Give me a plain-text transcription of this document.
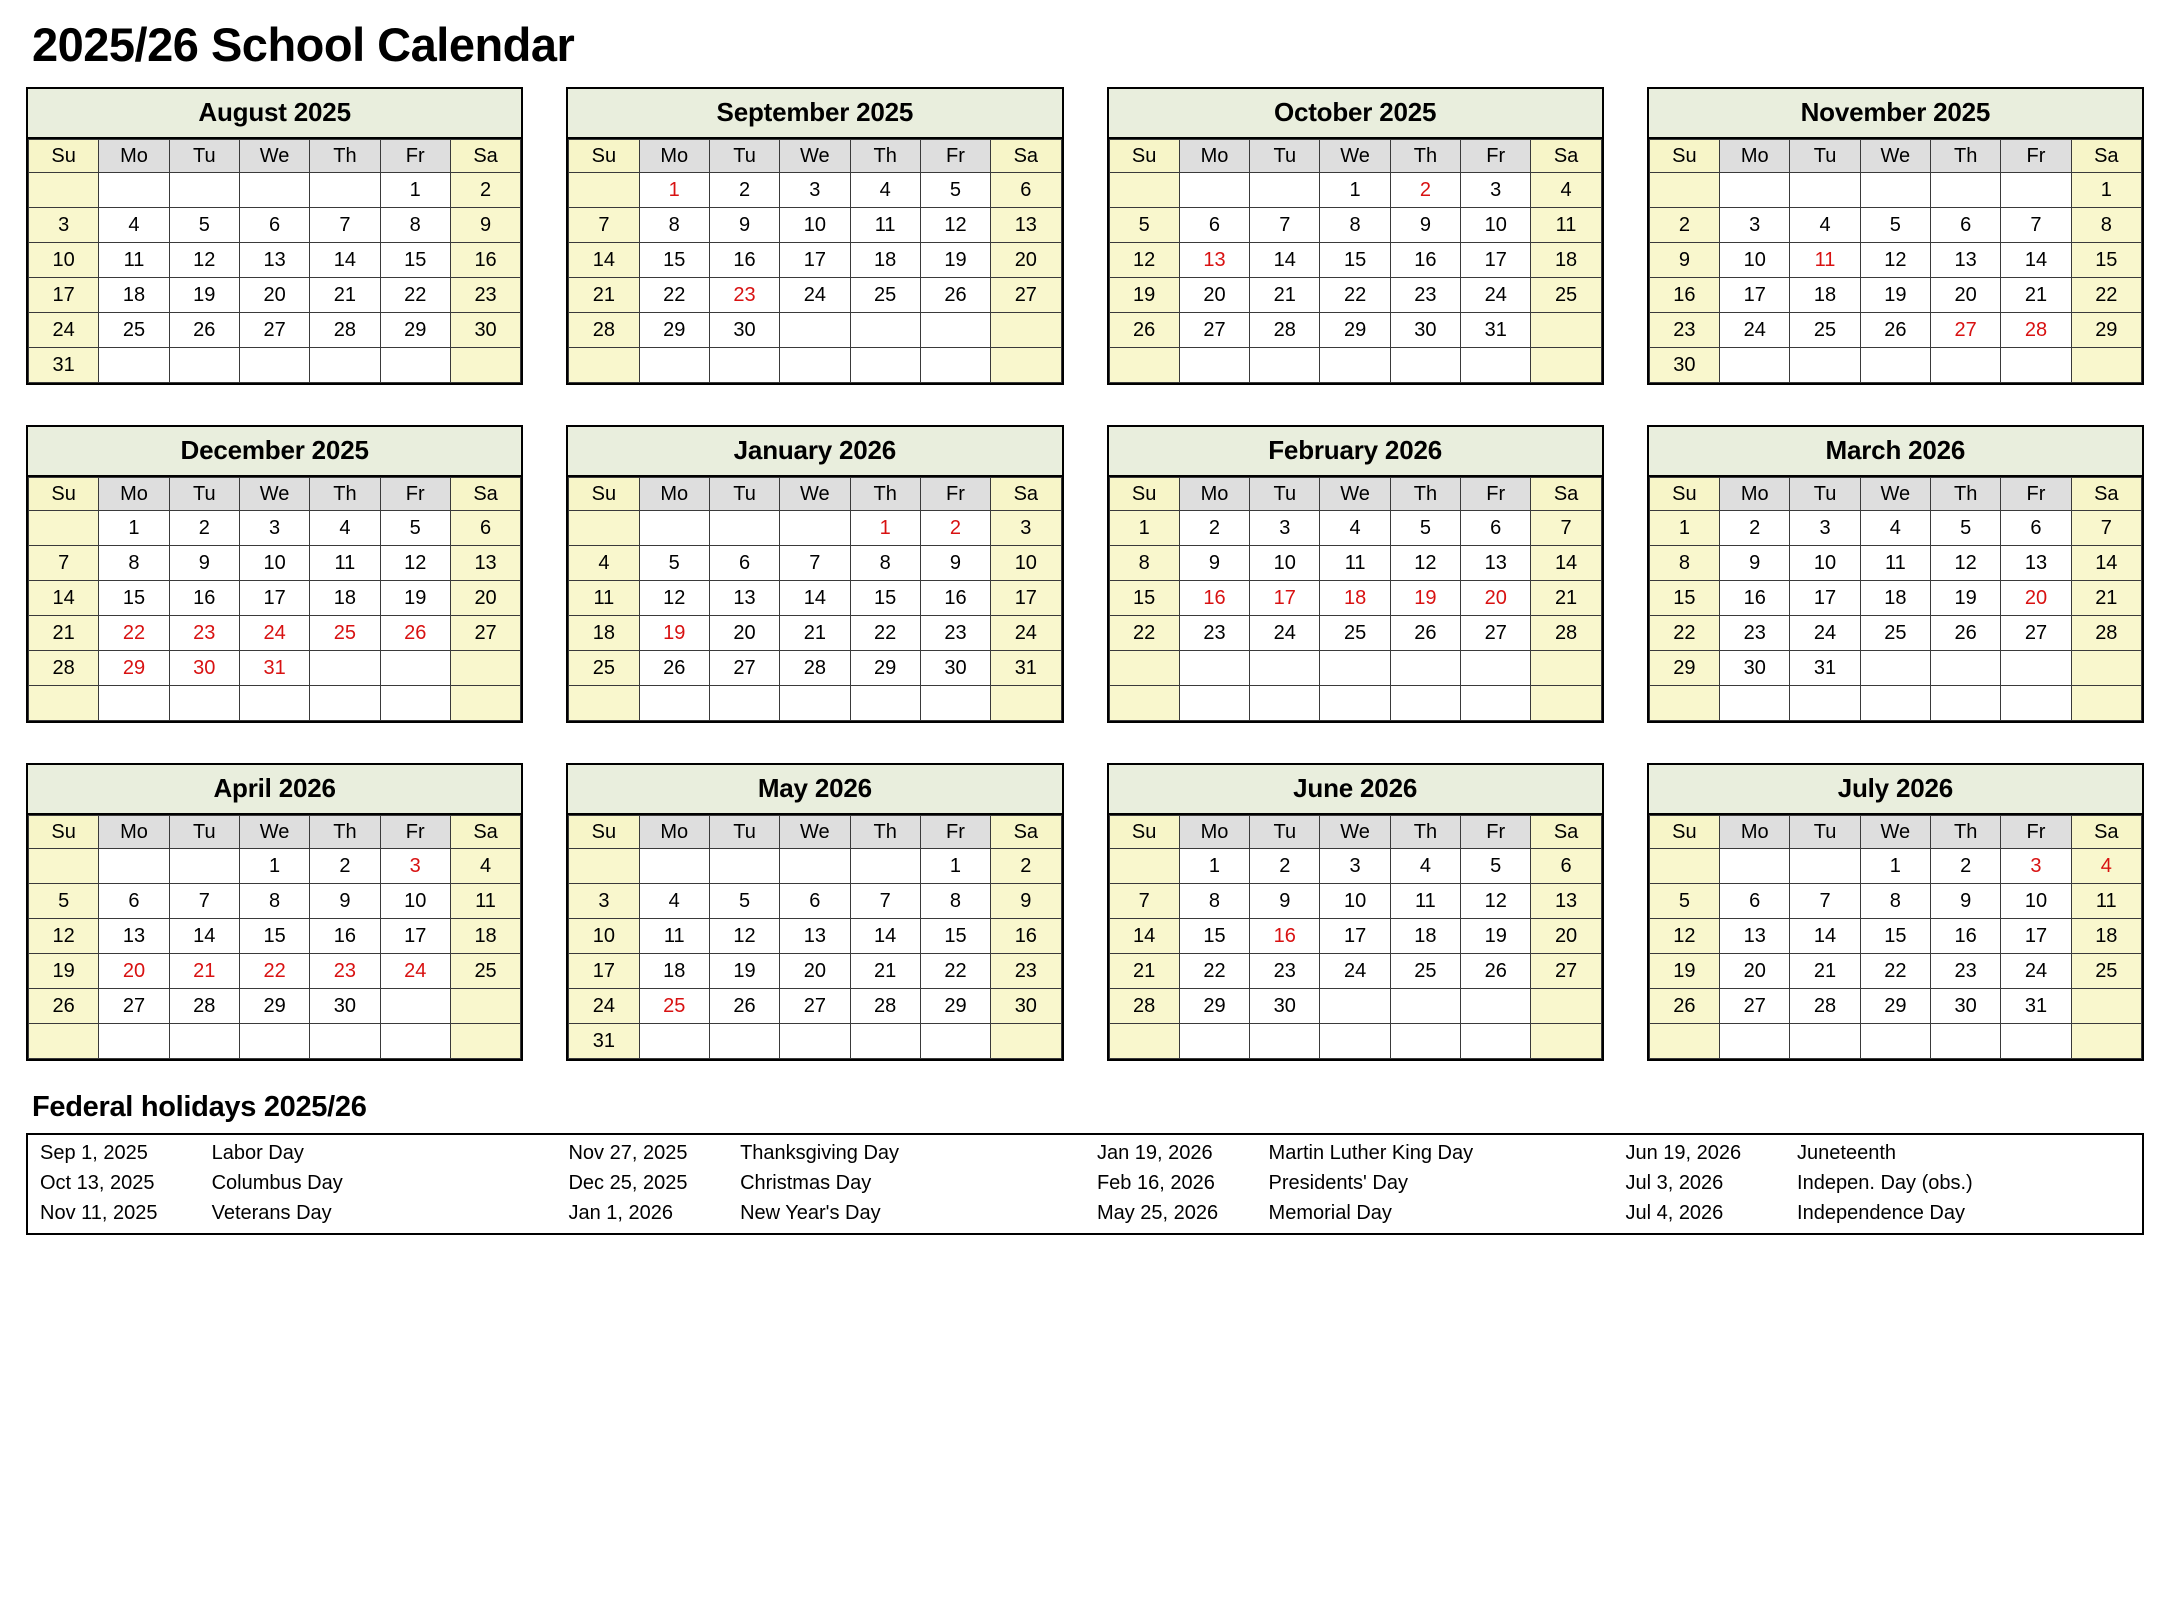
2025/26 School Calendar
August 2025
Su	Mo	Tu	We	Th	Fr	Sa
					1	2
3	4	5	6	7	8	9
10	11	12	13	14	15	16
17	18	19	20	21	22	23
24	25	26	27	28	29	30
31						
September 2025
Su	Mo	Tu	We	Th	Fr	Sa
	1	2	3	4	5	6
7	8	9	10	11	12	13
14	15	16	17	18	19	20
21	22	23	24	25	26	27
28	29	30				

October 2025
Su	Mo	Tu	We	Th	Fr	Sa
			1	2	3	4
5	6	7	8	9	10	11
12	13	14	15	16	17	18
19	20	21	22	23	24	25
26	27	28	29	30	31	

November 2025
Su	Mo	Tu	We	Th	Fr	Sa
						1
2	3	4	5	6	7	8
9	10	11	12	13	14	15
16	17	18	19	20	21	22
23	24	25	26	27	28	29
30						
December 2025
Su	Mo	Tu	We	Th	Fr	Sa
	1	2	3	4	5	6
7	8	9	10	11	12	13
14	15	16	17	18	19	20
21	22	23	24	25	26	27
28	29	30	31			

January 2026
Su	Mo	Tu	We	Th	Fr	Sa
				1	2	3
4	5	6	7	8	9	10
11	12	13	14	15	16	17
18	19	20	21	22	23	24
25	26	27	28	29	30	31

February 2026
Su	Mo	Tu	We	Th	Fr	Sa
1	2	3	4	5	6	7
8	9	10	11	12	13	14
15	16	17	18	19	20	21
22	23	24	25	26	27	28

March 2026
Su	Mo	Tu	We	Th	Fr	Sa
1	2	3	4	5	6	7
8	9	10	11	12	13	14
15	16	17	18	19	20	21
22	23	24	25	26	27	28
29	30	31				

April 2026
Su	Mo	Tu	We	Th	Fr	Sa
			1	2	3	4
5	6	7	8	9	10	11
12	13	14	15	16	17	18
19	20	21	22	23	24	25
26	27	28	29	30		

May 2026
Su	Mo	Tu	We	Th	Fr	Sa
					1	2
3	4	5	6	7	8	9
10	11	12	13	14	15	16
17	18	19	20	21	22	23
24	25	26	27	28	29	30
31						
June 2026
Su	Mo	Tu	We	Th	Fr	Sa
	1	2	3	4	5	6
7	8	9	10	11	12	13
14	15	16	17	18	19	20
21	22	23	24	25	26	27
28	29	30				

July 2026
Su	Mo	Tu	We	Th	Fr	Sa
			1	2	3	4
5	6	7	8	9	10	11
12	13	14	15	16	17	18
19	20	21	22	23	24	25
26	27	28	29	30	31	

Federal holidays 2025/26
Sep 1, 2025	Labor Day	Nov 27, 2025	Thanksgiving Day	Jan 19, 2026	Martin Luther King Day	Jun 19, 2026	Juneteenth
Oct 13, 2025	Columbus Day	Dec 25, 2025	Christmas Day	Feb 16, 2026	Presidents' Day	Jul 3, 2026	Indepen. Day (obs.)
Nov 11, 2025	Veterans Day	Jan 1, 2026	New Year's Day	May 25, 2026	Memorial Day	Jul 4, 2026	Independence Day
